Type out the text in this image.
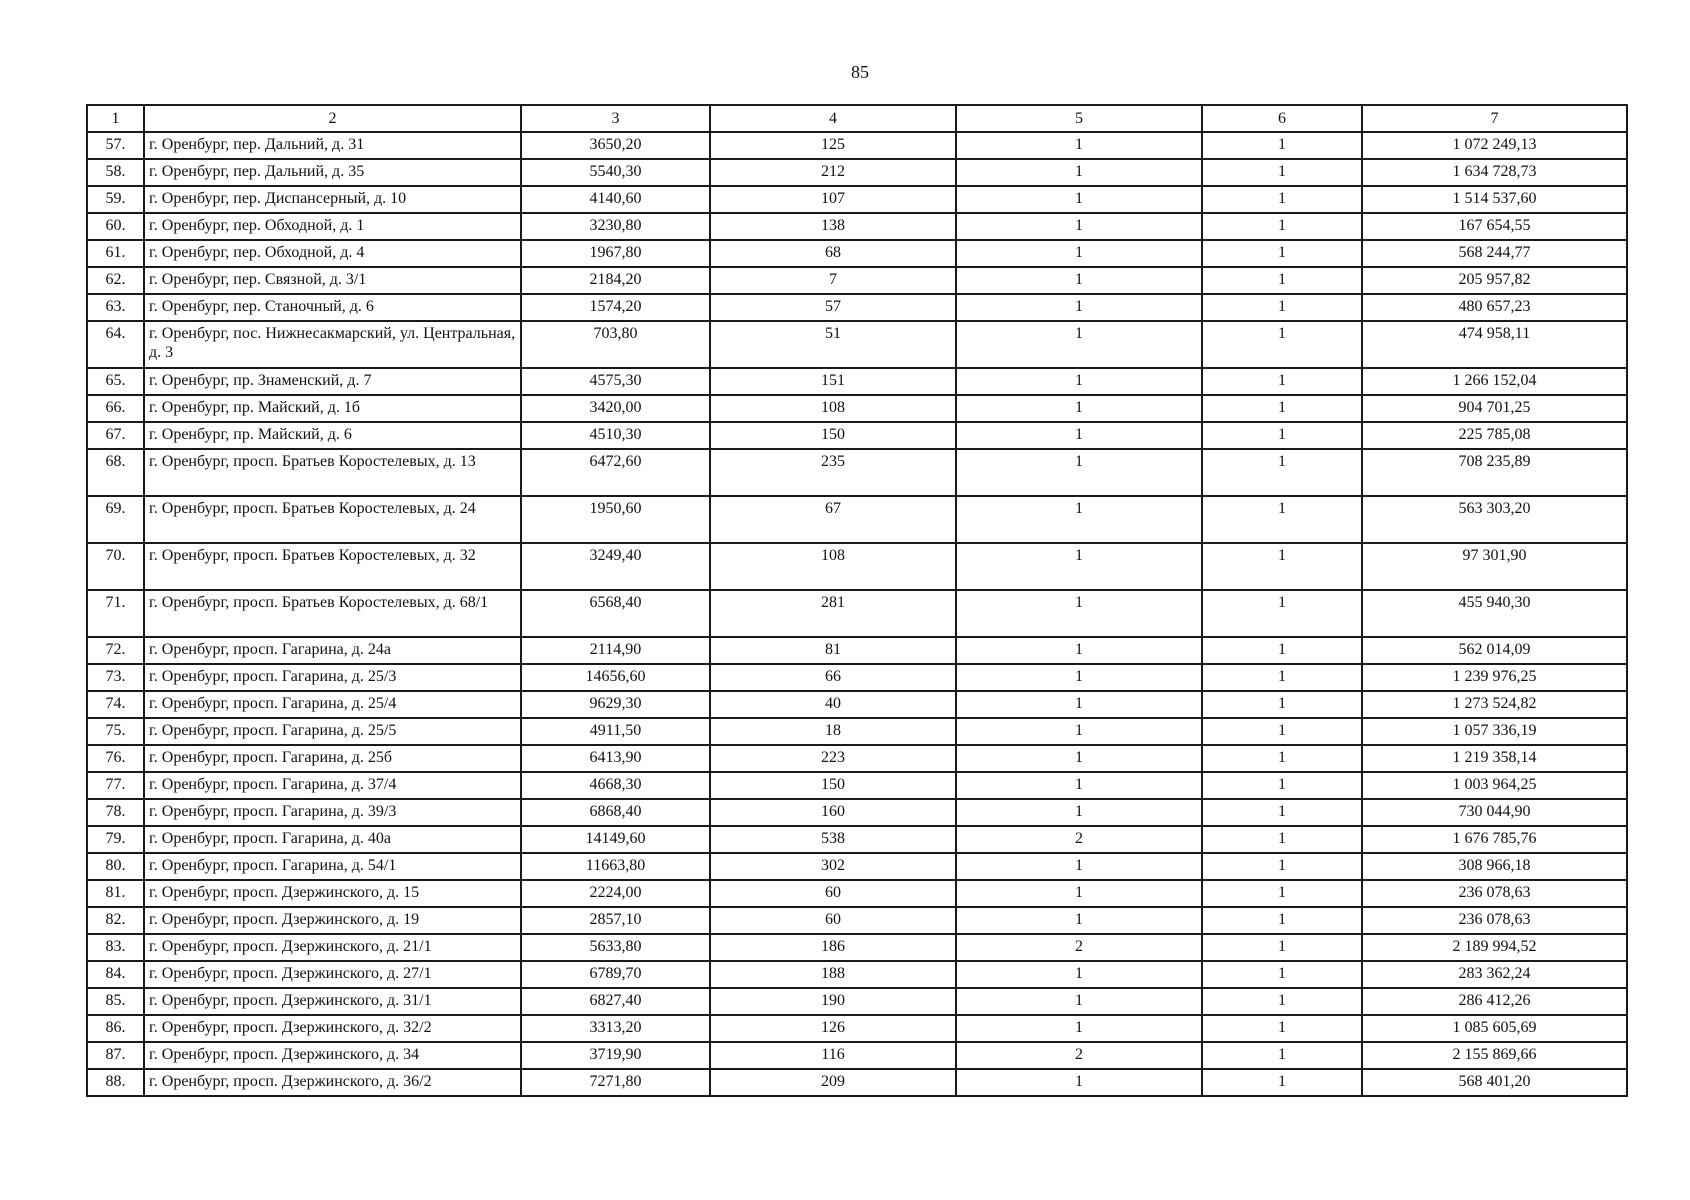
85
1	2	3	4	5	6	7
57.	г. Оренбург, пер. Дальний, д. 31	3650,20	125	1	1	1 072 249,13
58.	г. Оренбург, пер. Дальний, д. 35	5540,30	212	1	1	1 634 728,73
59.	г. Оренбург, пер. Диспансерный, д. 10	4140,60	107	1	1	1 514 537,60
60.	г. Оренбург, пер. Обходной, д. 1	3230,80	138	1	1	167 654,55
61.	г. Оренбург, пер. Обходной, д. 4	1967,80	68	1	1	568 244,77
62.	г. Оренбург, пер. Связной, д. 3/1	2184,20	7	1	1	205 957,82
63.	г. Оренбург, пер. Станочный, д. 6	1574,20	57	1	1	480 657,23
64.	г. Оренбург, пос. Нижнесакмарский, ул. Центральная, д. 3	703,80	51	1	1	474 958,11
65.	г. Оренбург, пр. Знаменский, д. 7	4575,30	151	1	1	1 266 152,04
66.	г. Оренбург, пр. Майский, д. 1б	3420,00	108	1	1	904 701,25
67.	г. Оренбург, пр. Майский, д. 6	4510,30	150	1	1	225 785,08
68.	г. Оренбург, просп. Братьев Коростелевых, д. 13	6472,60	235	1	1	708 235,89
69.	г. Оренбург, просп. Братьев Коростелевых, д. 24	1950,60	67	1	1	563 303,20
70.	г. Оренбург, просп. Братьев Коростелевых, д. 32	3249,40	108	1	1	97 301,90
71.	г. Оренбург, просп. Братьев Коростелевых, д. 68/1	6568,40	281	1	1	455 940,30
72.	г. Оренбург, просп. Гагарина, д. 24а	2114,90	81	1	1	562 014,09
73.	г. Оренбург, просп. Гагарина, д. 25/3	14656,60	66	1	1	1 239 976,25
74.	г. Оренбург, просп. Гагарина, д. 25/4	9629,30	40	1	1	1 273 524,82
75.	г. Оренбург, просп. Гагарина, д. 25/5	4911,50	18	1	1	1 057 336,19
76.	г. Оренбург, просп. Гагарина, д. 25б	6413,90	223	1	1	1 219 358,14
77.	г. Оренбург, просп. Гагарина, д. 37/4	4668,30	150	1	1	1 003 964,25
78.	г. Оренбург, просп. Гагарина, д. 39/3	6868,40	160	1	1	730 044,90
79.	г. Оренбург, просп. Гагарина, д. 40а	14149,60	538	2	1	1 676 785,76
80.	г. Оренбург, просп. Гагарина, д. 54/1	11663,80	302	1	1	308 966,18
81.	г. Оренбург, просп. Дзержинского, д. 15	2224,00	60	1	1	236 078,63
82.	г. Оренбург, просп. Дзержинского, д. 19	2857,10	60	1	1	236 078,63
83.	г. Оренбург, просп. Дзержинского, д. 21/1	5633,80	186	2	1	2 189 994,52
84.	г. Оренбург, просп. Дзержинского, д. 27/1	6789,70	188	1	1	283 362,24
85.	г. Оренбург, просп. Дзержинского, д. 31/1	6827,40	190	1	1	286 412,26
86.	г. Оренбург, просп. Дзержинского, д. 32/2	3313,20	126	1	1	1 085 605,69
87.	г. Оренбург, просп. Дзержинского, д. 34	3719,90	116	2	1	2 155 869,66
88.	г. Оренбург, просп. Дзержинского, д. 36/2	7271,80	209	1	1	568 401,20
